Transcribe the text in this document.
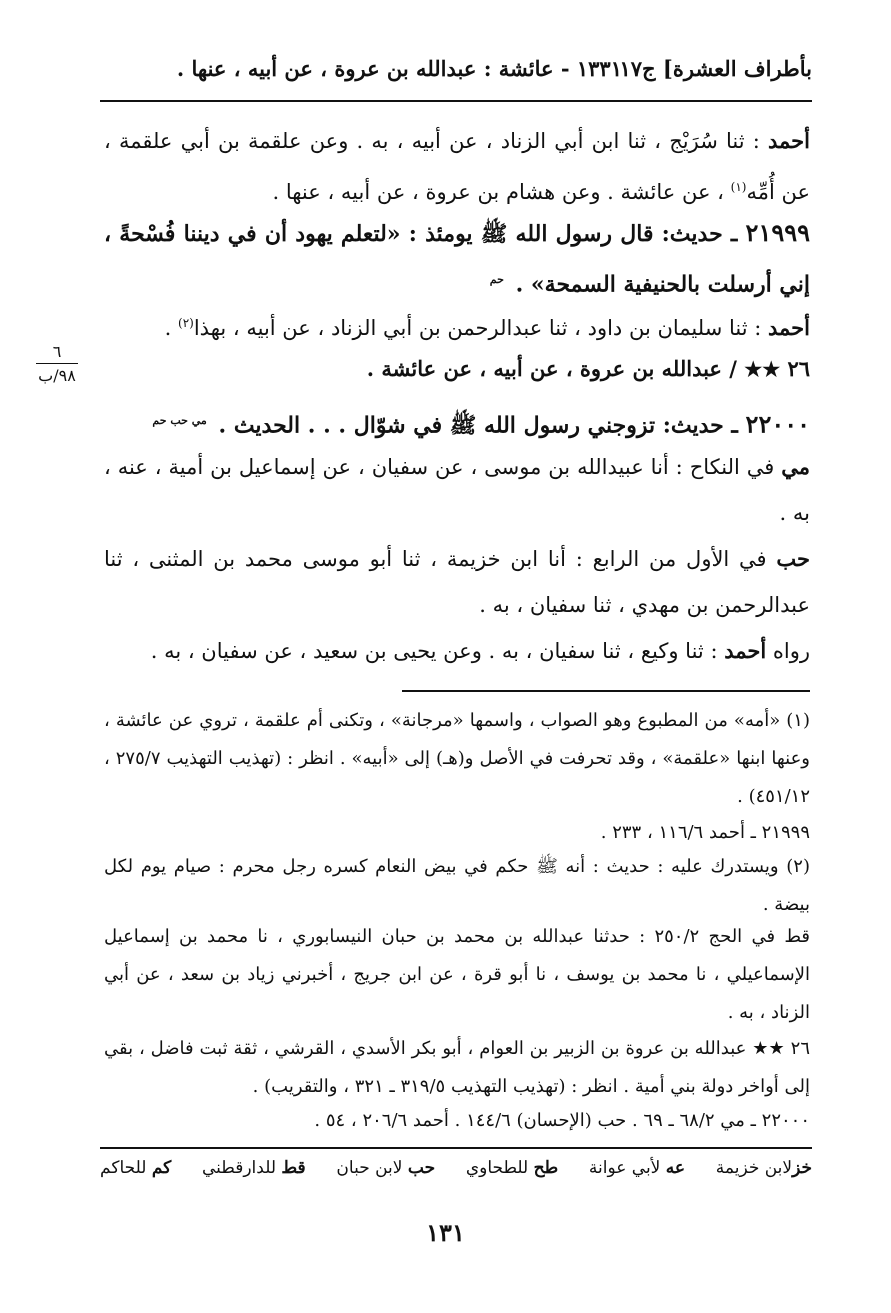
بأطراف العشرة] ج١٧
١٣٣١ - عائشة : عبدالله بن عروة ، عن أبيه ، عنها .
أحمد : ثنا سُرَيْج ، ثنا ابن أبي الزناد ، عن أبيه ، به . وعن علقمة بن أبي علقمة ، عن أُمِّه$^{(١)}$ ، عن عائشة . وعن هشام بن عروة ، عن أبيه ، عنها .
٢١٩٩٩ ـ حديث: قال رسول الله ﷺ يومئذ : «لتعلم يهود أن في ديننا فُسْحةً ، إني أرسلت بالحنيفية السمحة» . $^{حم}$
أحمد : ثنا سليمان بن داود ، ثنا عبدالرحمن بن أبي الزناد ، عن أبيه ، بهذا$^{(٢)}$ .
٢٦ ★★ / عبدالله بن عروة ، عن أبيه ، عن عائشة .
٢٢٠٠٠ ـ حديث: تزوجني رسول الله ﷺ في شوّال . . . الحديث . $^{مي حب حم}$
مي في النكاح : أنا عبيدالله بن موسى ، عن سفيان ، عن إسماعيل بن أمية ، عنه ، به .
حب في الأول من الرابع : أنا ابن خزيمة ، ثنا أبو موسى محمد بن المثنى ، ثنا عبدالرحمن بن مهدي ، ثنا سفيان ، به .
رواه أحمد : ثنا وكيع ، ثنا سفيان ، به . وعن يحيى بن سعيد ، عن سفيان ، به .
٦
٩٨/ب
(١) «أمه» من المطبوع وهو الصواب ، واسمها «مرجانة» ، وتكنى أم علقمة ، تروي عن عائشة ، وعنها ابنها «علقمة» ، وقد تحرفت في الأصل و(هـ) إلى «أبيه» . انظر : (تهذيب التهذيب ٢٧٥/٧ ، ٤٥١/١٢) .
٢١٩٩٩ ـ أحمد ١١٦/٦ ، ٢٣٣ .
(٢) ويستدرك عليه : حديث : أنه ﷺ حكم في بيض النعام كسره رجل محرم : صيام يوم لكل بيضة .
قط في الحج ٢٥٠/٢ : حدثنا عبدالله بن محمد بن حبان النيسابوري ، نا محمد بن إسماعيل الإسماعيلي ، نا محمد بن يوسف ، نا أبو قرة ، عن ابن جريج ، أخبرني زياد بن سعد ، عن أبي الزناد ، به .
٢٦ ★★ عبدالله بن عروة بن الزبير بن العوام ، أبو بكر الأسدي ، القرشي ، ثقة ثبت فاضل ، بقي إلى أواخر دولة بني أمية . انظر : (تهذيب التهذيب ٣١٩/٥ ـ ٣٢١ ، والتقريب) .
٢٢٠٠٠ ـ مي ٦٨/٢ ـ ٦٩ . حب (الإحسان) ١٤٤/٦ . أحمد ٢٠٦/٦ ، ٥٤ .
خزلابن خزيمة
عه لأبي عوانة
طح للطحاوي
حب لابن حبان
قط للدارقطني
كم للحاكم
١٣١
